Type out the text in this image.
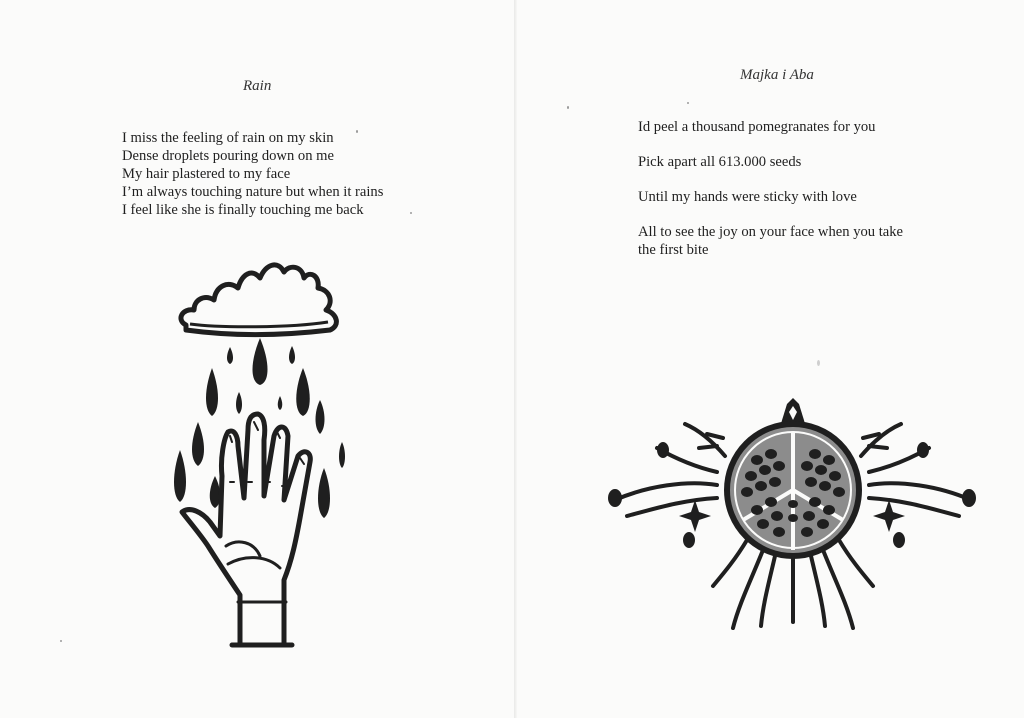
Rain
I miss the feeling of rain on my skin
Dense droplets pouring down on me
My hair plastered to my face
I’m always touching nature but when it rains
I feel like she is finally touching me back
Majka i Aba
Id peel a thousand pomegranates for you
Pick apart all 613.000 seeds
Until my hands were sticky with love
All to see the joy on your face when you take
the first bite
